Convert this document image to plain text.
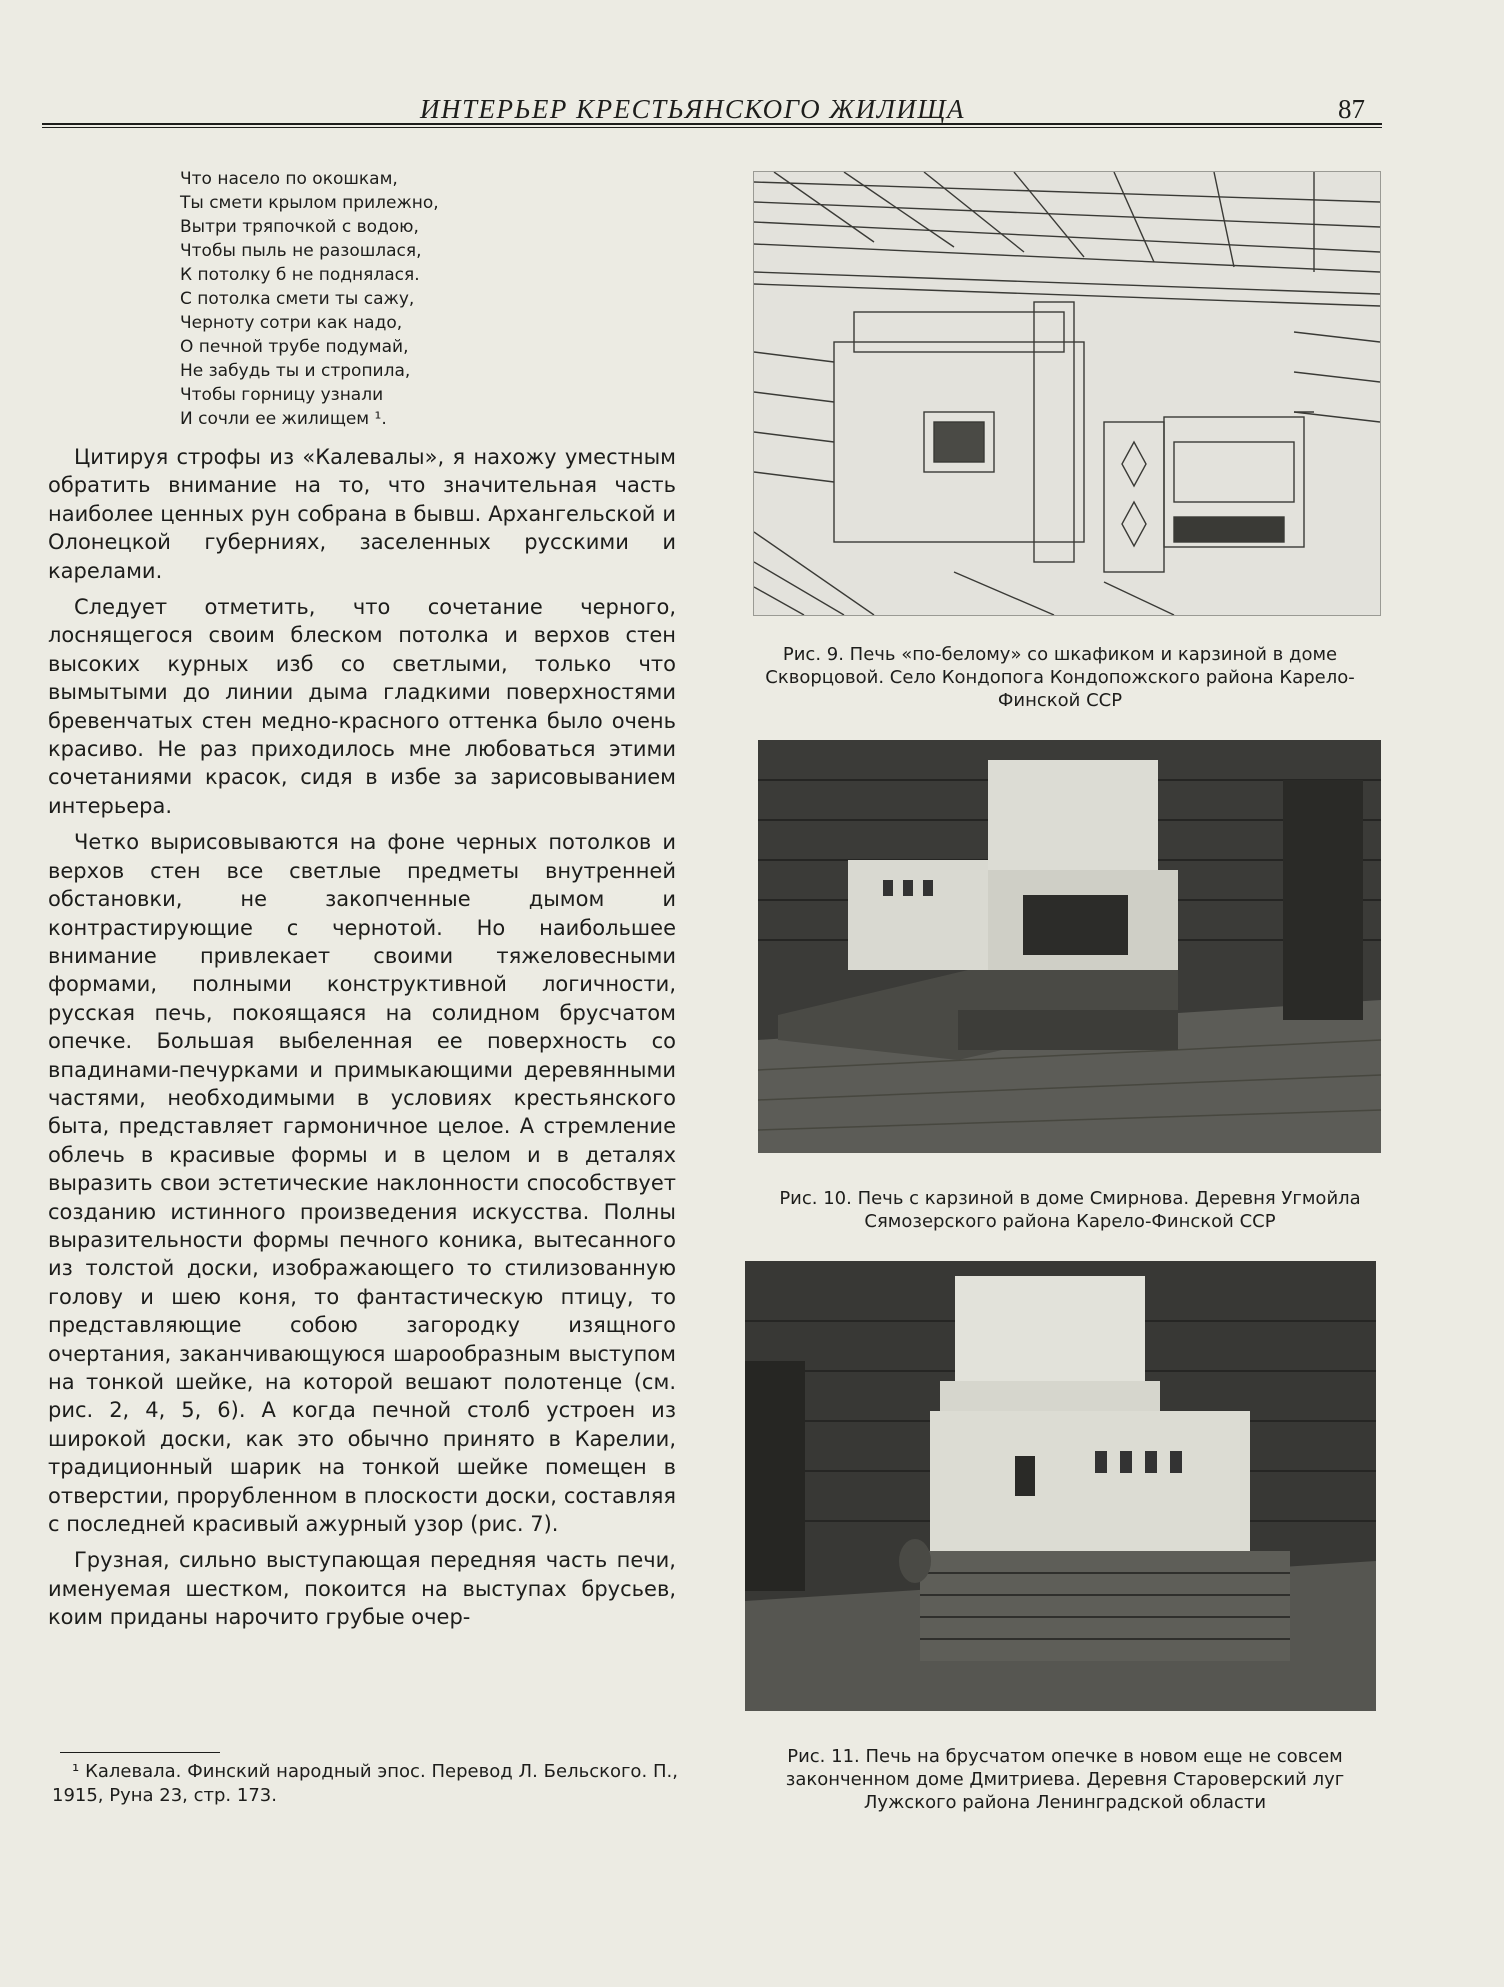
ИНТЕРЬЕР КРЕСТЬЯНСКОГО ЖИЛИЩА	87
Что насело по окошкам,
Ты смети крылом прилежно,
Вытри тряпочкой с водою,
Чтобы пыль не разошлася,
К потолку б не поднялася.
С потолка смети ты сажу,
Черноту сотри как надо,
О печной трубе подумай,
Не забудь ты и стропила,
Чтобы горницу узнали
И сочли ее жилищем ¹.

Цитируя строфы из «Калевалы», я нахожу уместным обратить внимание на то, что значительная часть наиболее ценных рун собрана в бывш. Архангельской и Олонецкой губерниях, заселенных русскими и карелами.

Следует отметить, что сочетание черного, лоснящегося своим блеском потолка и верхов стен высоких курных изб со светлыми, только что вымытыми до линии дыма гладкими поверхностями бревенчатых стен медно-красного оттенка было очень красиво. Не раз приходилось мне любоваться этими сочетаниями красок, сидя в избе за зарисовыванием интерьера.

Четко вырисовываются на фоне черных потолков и верхов стен все светлые предметы внутренней обстановки, не закопченные дымом и контрастирующие с чернотой. Но наибольшее внимание привлекает своими тяжеловесными формами, полными конструктивной логичности, русская печь, покоящаяся на солидном брусчатом опечке. Большая выбеленная ее поверхность со впадинами-печурками и примыкающими деревянными частями, необходимыми в условиях крестьянского быта, представляет гармоничное целое. А стремление облечь в красивые формы и в целом и в деталях выразить свои эстетические наклонности способствует созданию истинного произведения искусства. Полны выразительности формы печного коника, вытесанного из толстой доски, изображающего то стилизованную голову и шею коня, то фантастическую птицу, то представляющие собою загородку изящного очертания, заканчивающуюся шарообразным выступом на тонкой шейке, на которой вешают полотенце (см. рис. 2, 4, 5, 6). А когда печной столб устроен из широкой доски, как это обычно принято в Карелии, традиционный шарик на тонкой шейке помещен в отверстии, прорубленном в плоскости доски, составляя с последней красивый ажурный узор (рис. 7).

Грузная, сильно выступающая передняя часть печи, именуемая шестком, покоится на выступах брусьев, коим приданы нарочито грубые очер-

¹ Калевала. Финский народный эпос. Перевод Л. Бельского. П., 1915, Руна 23, стр. 173.
Рис. 9. Печь «по-белому» со шкафиком и карзиной в доме Скворцовой. Село Кондопога Кондопожского района Карело-Финской ССР
Рис. 10. Печь с карзиной в доме Смирнова. Деревня Угмойла Сямозерского района Карело-Финской ССР
Рис. 11. Печь на брусчатом опечке в новом еще не совсем законченном доме Дмитриева. Деревня Староверский луг Лужского района Ленинградской области
